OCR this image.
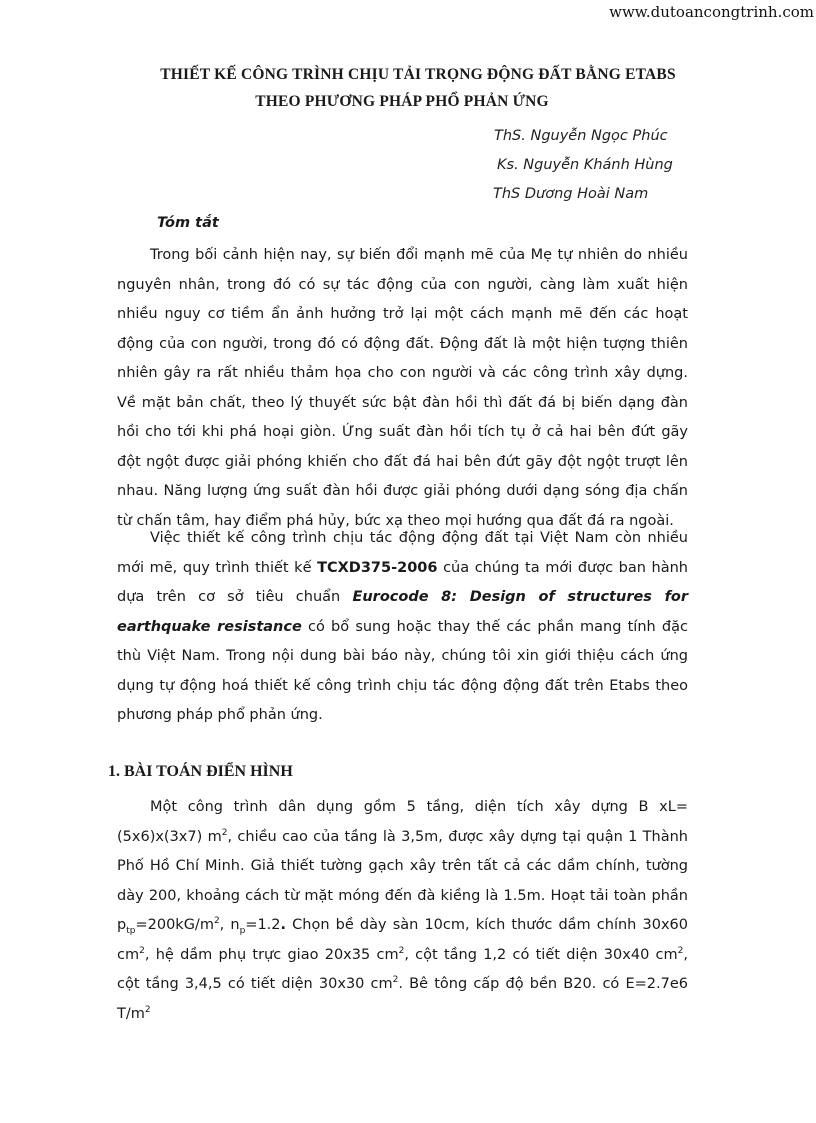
www.dutoancongtrinh.com
THIẾT KẾ CÔNG TRÌNH CHỊU TẢI TRỌNG ĐỘNG ĐẤT BẰNG ETABS
THEO PHƯƠNG PHÁP PHỔ PHẢN ỨNG
ThS. Nguyễn Ngọc Phúc
Ks. Nguyễn Khánh Hùng
ThS Dương Hoài Nam
Tóm tắt

Trong bối cảnh hiện nay, sự biến đổi mạnh mẽ của Mẹ tự nhiên do nhiều nguyên nhân, trong đó có sự tác động của con người, càng làm xuất hiện nhiều nguy cơ tiềm ẩn ảnh hưởng trở lại một cách mạnh mẽ đến các hoạt động của con người, trong đó có động đất. Động đất là một hiện tượng thiên nhiên gây ra rất nhiều thảm họa cho con người và các công trình xây dựng. Về mặt bản chất, theo lý thuyết sức bật đàn hồi thì đất đá bị biến dạng đàn hồi cho tới khi phá hoại giòn. Ứng suất đàn hồi tích tụ ở cả hai bên đứt gãy đột ngột được giải phóng khiến cho đất đá hai bên đứt gãy đột ngột trượt lên nhau. Năng lượng ứng suất đàn hồi được giải phóng dưới dạng sóng địa chấn từ chấn tâm, hay điểm phá hủy, bức xạ theo mọi hướng qua đất đá ra ngoài.

Việc thiết kế công trình chịu tác động động đất tại Việt Nam còn nhiều mới mẽ, quy trình thiết kế TCXD375-2006 của chúng ta mới được ban hành dựa trên cơ sở tiêu chuẩn Eurocode 8: Design of structures for earthquake resistance có bổ sung hoặc thay thế các phần mang tính đặc thù Việt Nam. Trong nội dung bài báo này, chúng tôi xin giới thiệu cách ứng dụng tự động hoá thiết kế công trình chịu tác động động đất trên Etabs theo phương pháp phổ phản ứng.

1. BÀI TOÁN ĐIỂN HÌNH

Một công trình dân dụng gồm 5 tầng, diện tích xây dựng B xL=(5x6)x(3x7) $m^2$, chiều cao của tầng là 3,5m, được xây dựng tại quận 1 Thành Phố Hồ Chí Minh. Giả thiết tường gạch xây trên tất cả các dầm chính, tường dày 200, khoảng cách từ mặt móng đến đà kiềng là 1.5m. Hoạt tải toàn phần $p_{tp}=200kG/m^2$, $n_p=1.2$. Chọn bề dày sàn 10cm, kích thước dầm chính 30x60 $cm^2$, hệ dầm phụ trực giao 20x35 $cm^2$, cột tầng 1,2 có tiết diện 30x40 $cm^2$, cột tầng 3,4,5 có tiết diện 30x30 $cm^2$. Bê tông cấp độ bền B20. có E=2.7e6 $T/m^2$
